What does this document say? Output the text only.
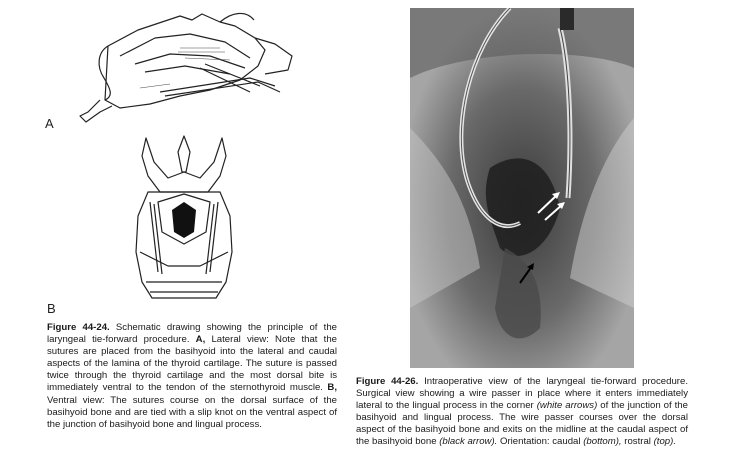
A
B
Figure 44-24. Schematic drawing showing the principle of the laryngeal tie-forward procedure. A, Lateral view: Note that the sutures are placed from the basihyoid into the lateral and caudal aspects of the lamina of the thyroid cartilage. The suture is passed twice through the thyroid cartilage and the most dorsal bite is immediately ventral to the tendon of the sternothyroid muscle. B, Ventral view: The sutures course on the dorsal surface of the basihyoid bone and are tied with a slip knot on the ventral aspect of the junction of basihyoid bone and lingual process.
Figure 44-26. Intraoperative view of the laryngeal tie-forward procedure. Surgical view showing a wire passer in place where it enters immediately lateral to the lingual process in the corner (white arrows) of the junction of the basihyoid and lingual process. The wire passer courses over the dorsal aspect of the basihyoid bone and exits on the midline at the caudal aspect of the basihyoid bone (black arrow). Orientation: caudal (bottom), rostral (top).
